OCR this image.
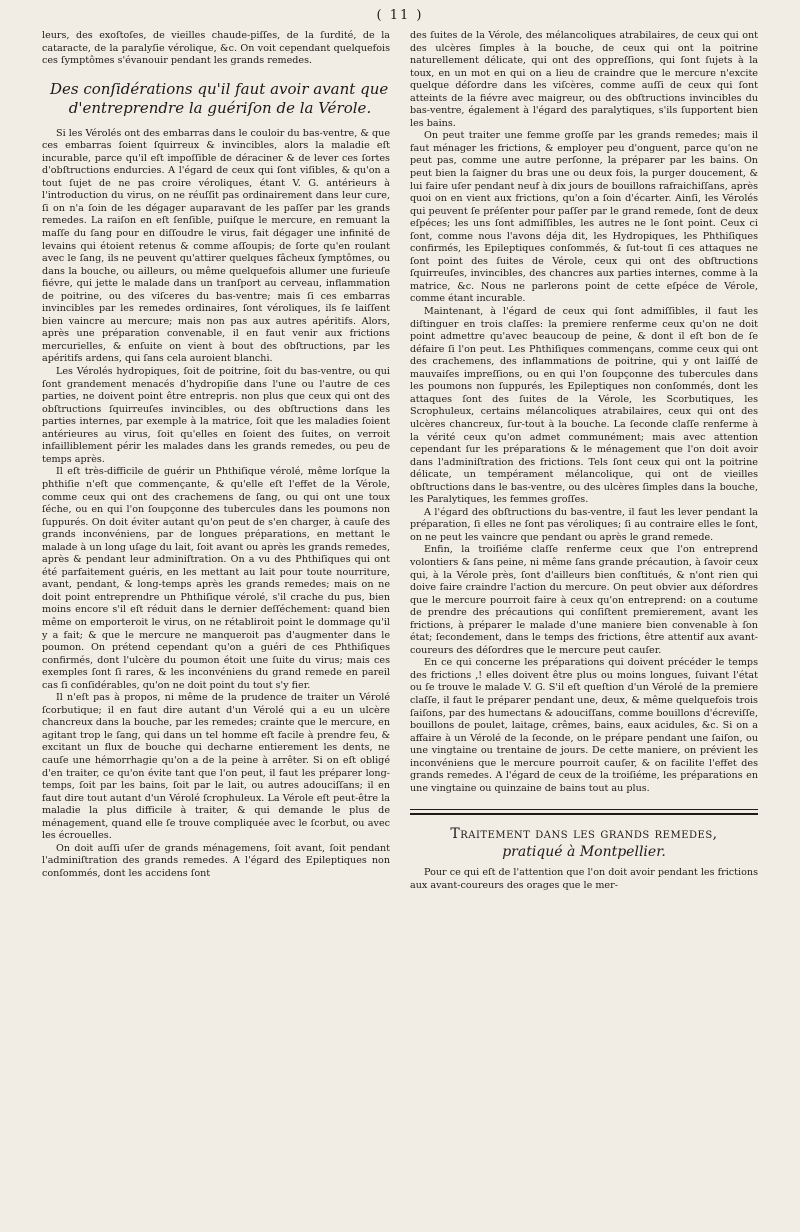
( 11 )

leurs, des exoſtoſes, de vieilles chaude-piſſes, de la ſurdité, de la cataracte, de la paralyſie vérolique, &c. On voit cependant quelquefois ces ſymptômes s'évanouir pendant les grands remedes.

Des conſidérations qu'il faut avoir avant que
d'entreprendre la guériſon de la Vérole.

Si les Vérolés ont des embarras dans le couloir du bas-ventre, & que ces embarras ſoient ſquirreux & invincibles, alors la maladie eſt incurable, parce qu'il eſt impoſſible de déraciner & de lever ces ſortes d'obſtructions endurcies. A l'égard de ceux qui ſont viſibles, & qu'on a tout ſujet de ne pas croire véroliques, étant V. G. antérieurs à l'introduction du virus, on ne réuſſit pas ordinairement dans leur cure, ſi on n'a ſoin de les dégager auparavant de les paſſer par les grands remedes. La raiſon en eſt ſenſible, puiſque le mercure, en remuant la maſſe du ſang pour en diſſoudre le virus, fait dégager une infinité de levains qui étoient retenus & comme aſſoupis; de ſorte qu'en roulant avec le ſang, ils ne peuvent qu'attirer quelques fâcheux ſymptômes, ou dans la bouche, ou ailleurs, ou même quelquefois allumer une furieuſe fiévre, qui jette le malade dans un tranſport au cerveau, inflammation de poitrine, ou des viſceres du bas-ventre; mais ſi ces embarras invincibles par les remedes ordinaires, ſont véroliques, ils ſe laiſſent bien vaincre au mercure; mais non pas aux autres apéritifs. Alors, après une préparation convenable, il en faut venir aux frictions mercurielles, & enſuite on vient à bout des obſtructions, par les apéritifs ardens, qui ſans cela auroient blanchi.

Les Vérolés hydropiques, ſoit de poitrine, ſoit du bas-ventre, ou qui ſont grandement menacés d'hydropiſie dans l'une ou l'autre de ces parties, ne doivent point être entrepris. non plus que ceux qui ont des obſtructions ſquirreuſes invincibles, ou des obſtructions dans les parties internes, par exemple à la matrice, ſoit que les maladies ſoient antérieures au virus, ſoit qu'elles en ſoient des ſuites, on verroit infailliblement périr les malades dans les grands remedes, ou peu de temps après.

Il eſt très-difficile de guérir un Phthiſique vérolé, même lorſque la phthiſie n'eſt que commençante, & qu'elle eſt l'effet de la Vérole, comme ceux qui ont des crachemens de ſang, ou qui ont une toux ſéche, ou en qui l'on ſoupçonne des tubercules dans les poumons non ſuppurés. On doit éviter autant qu'on peut de s'en charger, à cauſe des grands inconvéniens, par de longues préparations, en mettant le malade à un long uſage du lait, ſoit avant ou après les grands remedes, après & pendant leur adminiſtration. On a vu des Phthiſiques qui ont été parfaitement guéris, en les mettant au lait pour toute nourriture, avant, pendant, & long-temps après les grands remedes; mais on ne doit point entreprendre un Phthiſique vérolé, s'il crache du pus, bien moins encore s'il eſt réduit dans le dernier deſſéchement: quand bien même on emporteroit le virus, on ne rétabliroit point le dommage qu'il y a fait; & que le mercure ne manqueroit pas d'augmenter dans le poumon. On prétend cependant qu'on a guéri de ces Phthiſiques confirmés, dont l'ulcère du poumon étoit une ſuite du virus; mais ces exemples ſont ſi rares, & les inconvéniens du grand remede en pareil cas ſi conſidérables, qu'on ne doit point du tout s'y fier.

Il n'eſt pas à propos, ni même de la prudence de traiter un Vérolé ſcorbutique; il en faut dire autant d'un Vérolé qui a eu un ulcère chancreux dans la bouche, par les remedes; crainte que le mercure, en agitant trop le ſang, qui dans un tel homme eſt facile à prendre feu, & excitant un flux de bouche qui decharne entierement les dents, ne cauſe une hémorrhagie qu'on a de la peine à arrêter. Si on eſt obligé d'en traiter, ce qu'on évite tant que l'on peut, il faut les préparer long-temps, ſoit par les bains, ſoit par le lait, ou autres adouciſſans; il en faut dire tout autant d'un Vérolé ſcrophuleux. La Vérole eſt peut-être la maladie la plus difficile à traiter, & qui demande le plus de ménagement, quand elle ſe trouve compliquée avec le ſcorbut, ou avec les écrouelles.

On doit auſſi uſer de grands ménagemens, ſoit avant, ſoit pendant l'adminiſtration des grands remedes. A l'égard des Epileptiques non conſommés, dont les accidens ſont

des ſuites de la Vérole, des mélancoliques atrabilaires, de ceux qui ont des ulcères ſimples à la bouche, de ceux qui ont la poitrine naturellement délicate, qui ont des oppreſſions, qui ſont ſujets à la toux, en un mot en qui on a lieu de craindre que le mercure n'excite quelque déſordre dans les viſcères, comme auſſi de ceux qui ſont atteints de la fiévre avec maigreur, ou des obſtructions invincibles du bas-ventre, également à l'égard des paralytiques, s'ils ſupportent bien les bains.

On peut traiter une femme groſſe par les grands remedes; mais il faut ménager les frictions, & employer peu d'onguent, parce qu'on ne peut pas, comme une autre perſonne, la préparer par les bains. On peut bien la ſaigner du bras une ou deux fois, la purger doucement, & lui faire uſer pendant neuf à dix jours de bouillons rafraichiſſans, après quoi on en vient aux frictions, qu'on a ſoin d'écarter. Ainſi, les Vérolés qui peuvent ſe préſenter pour paſſer par le grand remede, ſont de deux eſpéces; les uns ſont admiſſibles, les autres ne le ſont point. Ceux ci ſont, comme nous l'avons déja dit, les Hydropiques, les Phthiſiques confirmés, les Epileptiques conſommés, & ſut-tout ſi ces attaques ne ſont point des ſuites de Vérole, ceux qui ont des obſtructions ſquirreuſes, invincibles, des chancres aux parties internes, comme à la matrice, &c. Nous ne parlerons point de cette eſpéce de Vérole, comme étant incurable.

Maintenant, à l'égard de ceux qui ſont admiſſibles, il faut les diſtinguer en trois claſſes: la premiere renferme ceux qu'on ne doit point admettre qu'avec beaucoup de peine, & dont il eſt bon de ſe défaire ſi l'on peut. Les Phthiſiques commençans, comme ceux qui ont des crachemens, des inflammations de poitrine, qui y ont laiſſé de mauvaiſes impreſſions, ou en qui l'on ſoupçonne des tubercules dans les poumons non ſuppurés, les Epileptiques non conſommés, dont les attaques ſont des ſuites de la Vérole, les Scorbutiques, les Scrophuleux, certains mélancoliques atrabilaires, ceux qui ont des ulcères chancreux, ſur-tout à la bouche. La ſeconde claſſe renferme à la vérité ceux qu'on admet communément; mais avec attention cependant ſur les préparations & le ménagement que l'on doit avoir dans l'adminiſtration des frictions. Tels ſont ceux qui ont la poitrine délicate, un tempérament mélancolique, qui ont de vieilles obſtructions dans le bas-ventre, ou des ulcères ſimples dans la bouche, les Paralytiques, les femmes groſſes.

A l'égard des obſtructions du bas-ventre, il faut les lever pendant la préparation, ſi elles ne ſont pas véroliques; ſi au contraire elles le ſont, on ne peut les vaincre que pendant ou après le grand remede.

Enfin, la troiſiéme claſſe renferme ceux que l'on entreprend volontiers & ſans peine, ni même ſans grande précaution, à ſavoir ceux qui, à la Vérole près, ſont d'ailleurs bien conſtitués, & n'ont rien qui doive faire craindre l'action du mercure. On peut obvier aux déſordres que le mercure pourroit faire à ceux qu'on entreprend: on a coutume de prendre des précautions qui conſiſtent premierement, avant les frictions, à préparer le malade d'une maniere bien convenable à ſon état; ſecondement, dans le temps des frictions, être attentif aux avant-coureurs des déſordres que le mercure peut cauſer.

En ce qui concerne les préparations qui doivent précéder le temps des frictions ,! elles doivent être plus ou moins longues, ſuivant l'état ou ſe trouve le malade V. G. S'il eſt queſtion d'un Vérolé de la premiere claſſe, il faut le préparer pendant une, deux, & même quelquefois trois ſaiſons, par des humectans & adouciſſans, comme bouillons d'écreviſſe, bouillons de poulet, laitage, crêmes, bains, eaux acidules, &c. Si on a affaire à un Vérolé de la ſeconde, on le prépare pendant une ſaiſon, ou une vingtaine ou trentaine de jours. De cette maniere, on prévient les inconvéniens que le mercure pourroit cauſer, & on facilite l'effet des grands remedes. A l'égard de ceux de la troiſiéme, les préparations en une vingtaine ou quinzaine de bains tout au plus.

Traitement dans les grands remedes,
pratiqué à Montpellier.

Pour ce qui eſt de l'attention que l'on doit avoir pendant les frictions aux avant-coureurs des orages que le mer-
